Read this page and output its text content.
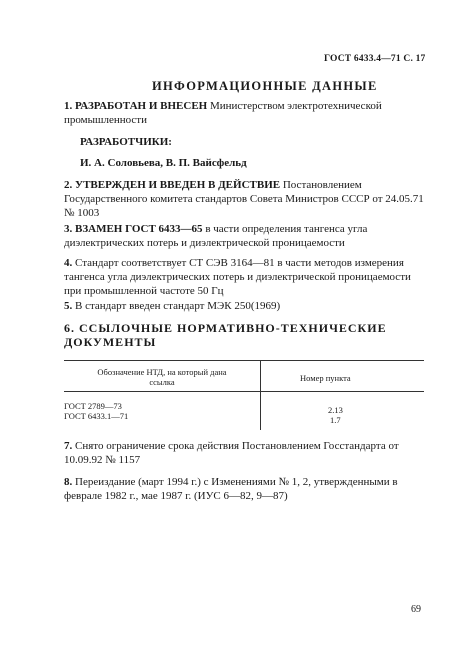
ГОСТ 6433.4—71 С. 17
ИНФОРМАЦИОННЫЕ ДАННЫЕ
1. РАЗРАБОТАН И ВНЕСЕН Министерством электротехнической промышленности
РАЗРАБОТЧИКИ:
И. А. Соловьева, В. П. Вайсфельд
2. УТВЕРЖДЕН И ВВЕДЕН В ДЕЙСТВИЕ Постановлением Государственного комитета стандартов Совета Министров СССР от 24.05.71 № 1003
3. ВЗАМЕН ГОСТ 6433—65 в части определения тангенса угла диэлектрических потерь и диэлектрической проницаемости
4. Стандарт соответствует СТ СЭВ 3164—81 в части методов измерения тангенса угла диэлектрических потерь и диэлектрической проницаемости при промышленной частоте 50 Гц
5. В стандарт введен стандарт МЭК 250(1969)
6. ССЫЛОЧНЫЕ НОРМАТИВНО-ТЕХНИЧЕСКИЕ ДОКУМЕНТЫ
Обозначение НТД, на который дана ссылка	Номер пункта
ГОСТ 2789—73
ГОСТ 6433.1—71
2.13
1.7
7. Снято ограничение срока действия Постановлением Госстандарта от 10.09.92 № 1157
8. Переиздание (март 1994 г.) с Изменениями № 1, 2, утвержденными в феврале 1982 г., мае 1987 г. (ИУС 6—82, 9—87)
69
